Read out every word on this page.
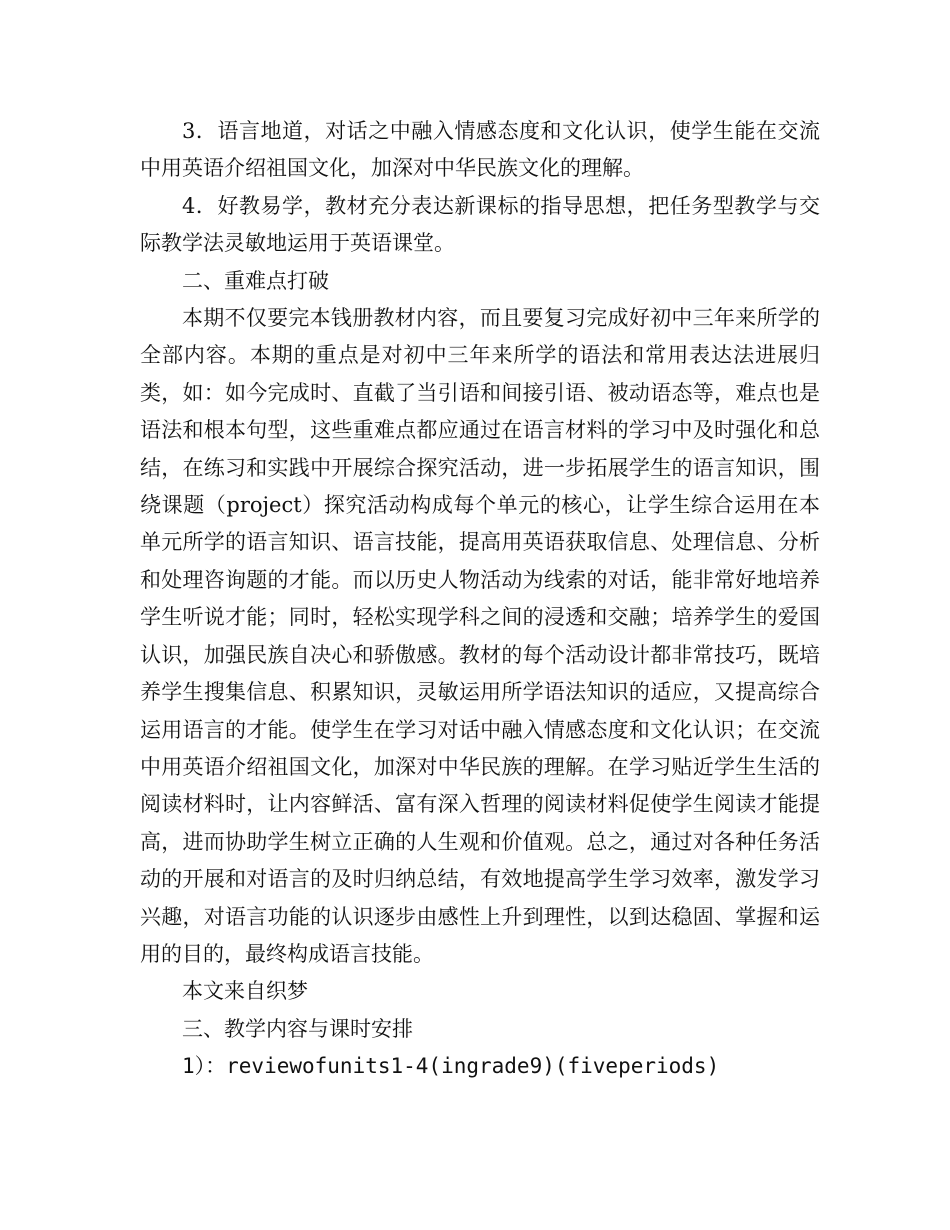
3．语言地道，对话之中融入情感态度和文化认识，使学生能在交流中用英语介绍祖国文化，加深对中华民族文化的理解。

4．好教易学，教材充分表达新课标的指导思想，把任务型教学与交际教学法灵敏地运用于英语课堂。

二、重难点打破

本期不仅要完本钱册教材内容，而且要复习完成好初中三年来所学的全部内容。本期的重点是对初中三年来所学的语法和常用表达法进展归类，如：如今完成时、直截了当引语和间接引语、被动语态等，难点也是语法和根本句型，这些重难点都应通过在语言材料的学习中及时强化和总结，在练习和实践中开展综合探究活动，进一步拓展学生的语言知识，围绕课题（project）探究活动构成每个单元的核心，让学生综合运用在本单元所学的语言知识、语言技能，提高用英语获取信息、处理信息、分析和处理咨询题的才能。而以历史人物活动为线索的对话，能非常好地培养学生听说才能；同时，轻松实现学科之间的浸透和交融；培养学生的爱国认识，加强民族自决心和骄傲感。教材的每个活动设计都非常技巧，既培养学生搜集信息、积累知识，灵敏运用所学语法知识的适应，又提高综合运用语言的才能。使学生在学习对话中融入情感态度和文化认识；在交流中用英语介绍祖国文化，加深对中华民族的理解。在学习贴近学生生活的阅读材料时，让内容鲜活、富有深入哲理的阅读材料促使学生阅读才能提高，进而协助学生树立正确的人生观和价值观。总之，通过对各种任务活动的开展和对语言的及时归纳总结，有效地提高学生学习效率，激发学习兴趣，对语言功能的认识逐步由感性上升到理性，以到达稳固、掌握和运用的目的，最终构成语言技能。

本文来自织梦

三、教学内容与课时安排

1）：reviewofunits1-4(ingrade9)(fiveperiods)
